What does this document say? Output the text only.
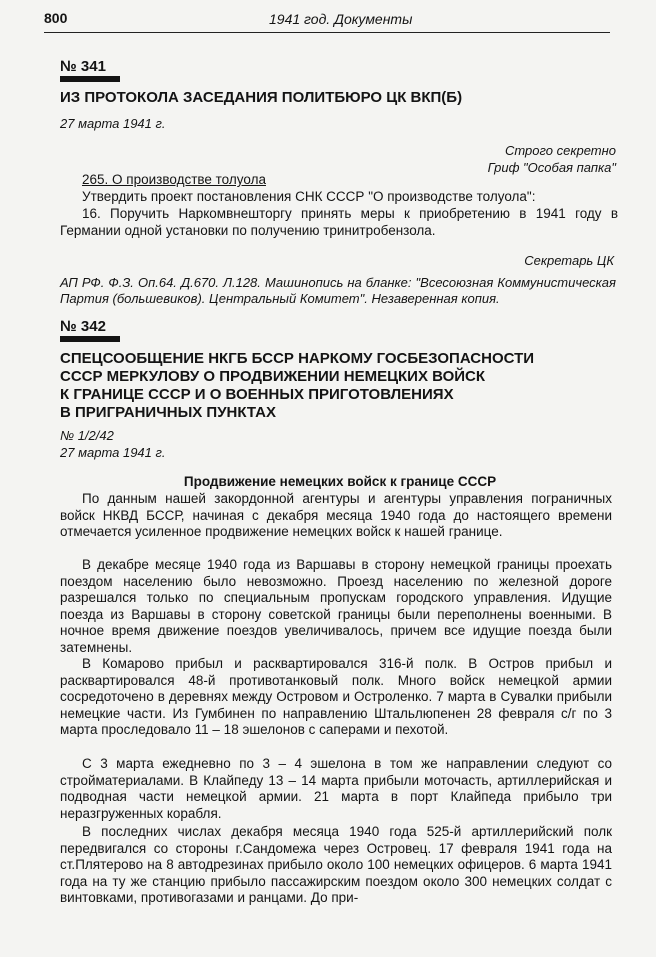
800	1941 год. Документы
№ 341
ИЗ ПРОТОКОЛА ЗАСЕДАНИЯ ПОЛИТБЮРО ЦК ВКП(Б)
27 марта 1941 г.
Строго секретно
Гриф "Особая папка"
265. О производстве толуола
Утвердить проект постановления СНК СССР "О производстве толуола":
16. Поручить Наркомвнешторгу принять меры к приобретению в 1941 году в Германии одной установки по получению тринитробензола.
Секретарь ЦК
АП РФ. Ф.З. Оп.64. Д.670. Л.128. Машинопись на бланке: "Всесоюзная Коммунистическая Партия (большевиков). Центральный Комитет". Незаверенная копия.
№ 342
СПЕЦСООБЩЕНИЕ НКГБ БССР НАРКОМУ ГОСБЕЗОПАСНОСТИ
СССР МЕРКУЛОВУ О ПРОДВИЖЕНИИ НЕМЕЦКИХ ВОЙСК
К ГРАНИЦЕ СССР И О ВОЕННЫХ ПРИГОТОВЛЕНИЯХ
В ПРИГРАНИЧНЫХ ПУНКТАХ
№ 1/2/42
27 марта 1941 г.
Продвижение немецких войск к границе СССР
По данным нашей закордонной агентуры и агентуры управления пограничных войск НКВД БССР, начиная с декабря месяца 1940 года до настоящего времени отмечается усиленное продвижение немецких войск к нашей границе.
В декабре месяце 1940 года из Варшавы в сторону немецкой границы проехать поездом населению было невозможно. Проезд населению по железной дороге разрешался только по специальным пропускам городского управления. Идущие поезда из Варшавы в сторону советской границы были переполнены военными. В ночное время движение поездов увеличивалось, причем все идущие поезда были затемнены.
В Комарово прибыл и расквартировался 316-й полк. В Остров прибыл и расквартировался 48-й противотанковый полк. Много войск немецкой армии сосредоточено в деревнях между Островом и Остроленко. 7 марта в Сувалки прибыли немецкие части. Из Гумбинен по направлению Штальлюпенен 28 февраля с/г по 3 марта проследовало 11 – 18 эшелонов с саперами и пехотой.
С 3 марта ежедневно по 3 – 4 эшелона в том же направлении следуют со стройматериалами. В Клайпеду 13 – 14 марта прибыли моточасть, артиллерийская и подводная части немецкой армии. 21 марта в порт Клайпеда прибыло три неразгруженных корабля.
В последних числах декабря месяца 1940 года 525-й артиллерийский полк передвигался со стороны г.Сандомежа через Островец. 17 февраля 1941 года на ст.Плятерово на 8 автодрезинах прибыло около 100 немецких офицеров. 6 марта 1941 года на ту же станцию прибыло пассажирским поездом около 300 немецких солдат с винтовками, противогазами и ранцами. До при-
